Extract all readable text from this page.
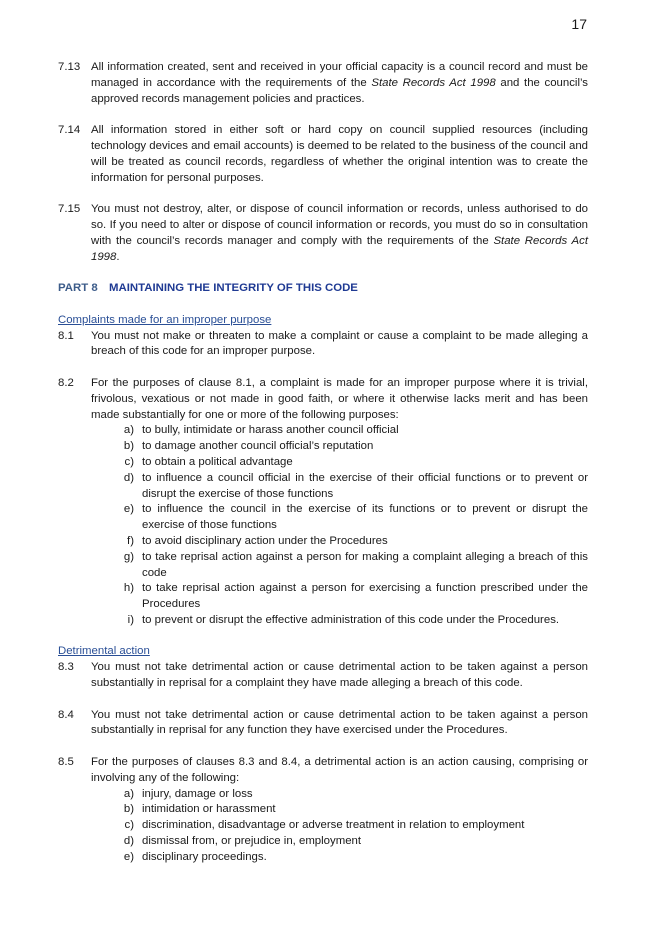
17
7.13 All information created, sent and received in your official capacity is a council record and must be managed in accordance with the requirements of the State Records Act 1998 and the council’s approved records management policies and practices.
7.14 All information stored in either soft or hard copy on council supplied resources (including technology devices and email accounts) is deemed to be related to the business of the council and will be treated as council records, regardless of whether the original intention was to create the information for personal purposes.
7.15 You must not destroy, alter, or dispose of council information or records, unless authorised to do so. If you need to alter or dispose of council information or records, you must do so in consultation with the council’s records manager and comply with the requirements of the State Records Act 1998.
PART 8 MAINTAINING THE INTEGRITY OF THIS CODE
Complaints made for an improper purpose
8.1	You must not make or threaten to make a complaint or cause a complaint to be made alleging a breach of this code for an improper purpose.
8.2	For the purposes of clause 8.1, a complaint is made for an improper purpose where it is trivial, frivolous, vexatious or not made in good faith, or where it otherwise lacks merit and has been made substantially for one or more of the following purposes:
a) to bully, intimidate or harass another council official
b) to damage another council official’s reputation
c) to obtain a political advantage
d) to influence a council official in the exercise of their official functions or to prevent or disrupt the exercise of those functions
e) to influence the council in the exercise of its functions or to prevent or disrupt the exercise of those functions
f) to avoid disciplinary action under the Procedures
g) to take reprisal action against a person for making a complaint alleging a breach of this code
h) to take reprisal action against a person for exercising a function prescribed under the Procedures
i) to prevent or disrupt the effective administration of this code under the Procedures.
Detrimental action
8.3	You must not take detrimental action or cause detrimental action to be taken against a person substantially in reprisal for a complaint they have made alleging a breach of this code.
8.4	You must not take detrimental action or cause detrimental action to be taken against a person substantially in reprisal for any function they have exercised under the Procedures.
8.5	For the purposes of clauses 8.3 and 8.4, a detrimental action is an action causing, comprising or involving any of the following:
a) injury, damage or loss
b) intimidation or harassment
c) discrimination, disadvantage or adverse treatment in relation to employment
d) dismissal from, or prejudice in, employment
e) disciplinary proceedings.
